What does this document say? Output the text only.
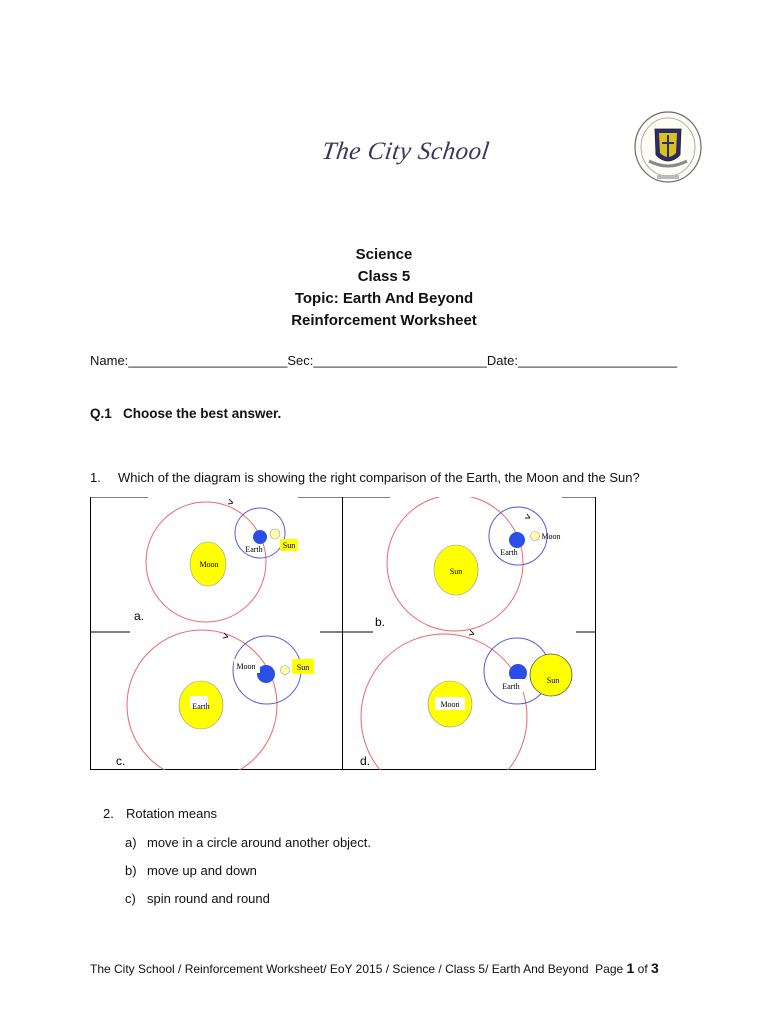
The City School
Science
Class 5
Topic: Earth And Beyond
Reinforcement Worksheet
Name:______________________Sec:________________________Date:______________________
Q.1   Choose the best answer.
1. Which of the diagram is showing the right comparison of the Earth, the Moon and the Sun?
Moon
Earth	Sun
a.
Sun
Earth
Moon
b.
Earth
Moon	Sun
c.
Moon
Earth
Sun
d.
2. Rotation means
a) move in a circle around another object.
b) move up and down
c) spin round and round
The City School / Reinforcement Worksheet/ EoY 2015 / Science / Class 5/ Earth And Beyond  Page 1 of 3
